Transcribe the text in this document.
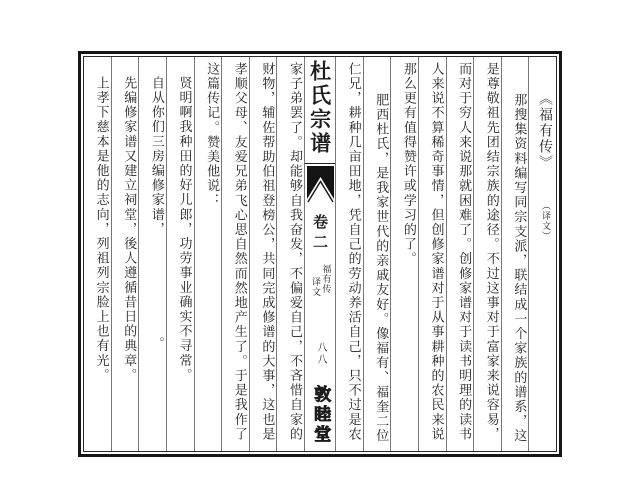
《福有传》 （译文）
那搜集资料编写同宗支派，联结成一个家族的谱系，这
是尊敬祖先团结宗族的途径。不过这事对于富家来说容易，
而对于穷人来说那就困难了。创修家谱对于读书明理的读书
人来说不算稀奇事情，但创修家谱对于从事耕种的农民来说
那么更有值得赞许或学习的了。
肥西杜氏，是我家世代的亲戚友好。像福有、福奎二位
仁兄，耕种几亩田地，凭自己的劳动养活自己，只不过是农
杜氏宗谱
卷二
福有传
译文
八八
敦睦堂
家子弟罢了。却能够自我奋发，不偏爱自己，不吝惜自家的
财物，辅佐帮助伯祖登榜公，共同完成修谱的大事，这也是
孝顺父母、友爱兄弟飞心思自然而然地产生了。于是我作了
这篇传记。赞美他说：
贤明啊我种田的好儿郎，功劳事业确实不寻常。
自从你们三房编修家谱，。
先编修家谱又建立祠堂，後人遵循昔日的典章。
上孝下慈本是他的志向，列祖列宗脸上也有光。
